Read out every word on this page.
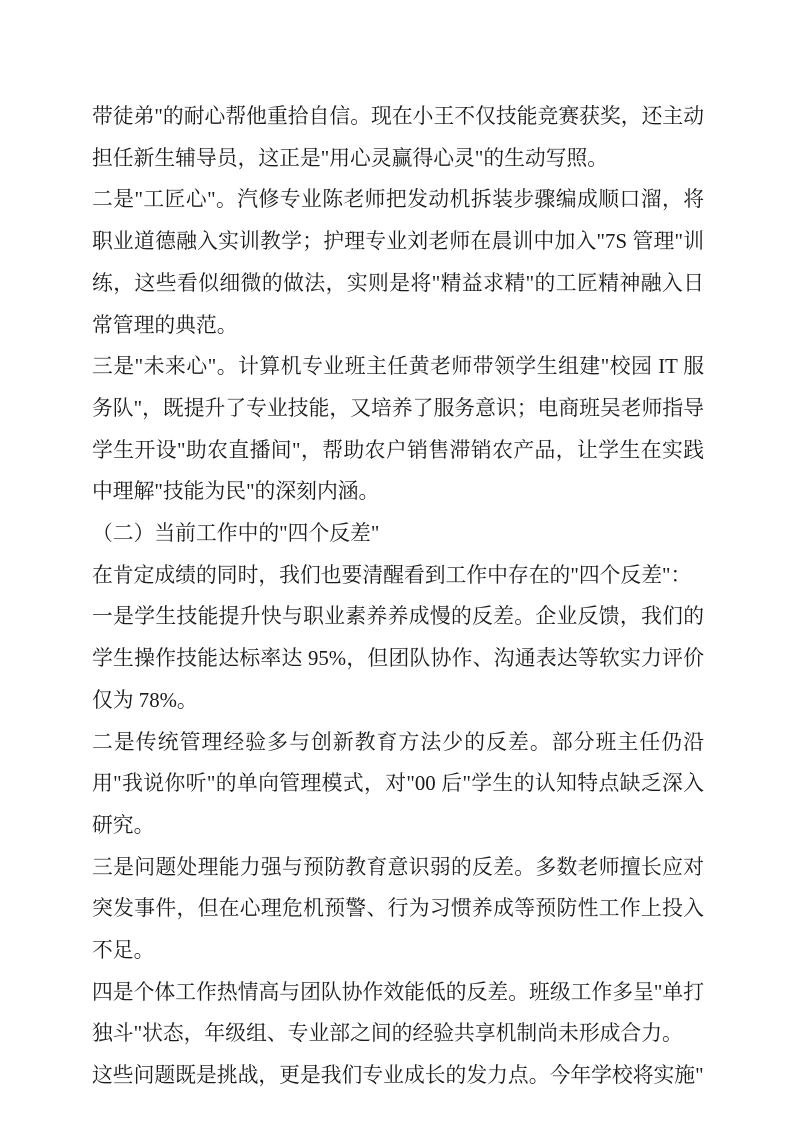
带徒弟"的耐心帮他重拾自信。现在小王不仅技能竞赛获奖，还主动担任新生辅导员，这正是"用心灵赢得心灵"的生动写照。

二是"工匠心"。汽修专业陈老师把发动机拆装步骤编成顺口溜，将职业道德融入实训教学；护理专业刘老师在晨训中加入"7S 管理"训练，这些看似细微的做法，实则是将"精益求精"的工匠精神融入日常管理的典范。

三是"未来心"。计算机专业班主任黄老师带领学生组建"校园 IT 服务队"，既提升了专业技能，又培养了服务意识；电商班吴老师指导学生开设"助农直播间"，帮助农户销售滞销农产品，让学生在实践中理解"技能为民"的深刻内涵。

（二）当前工作中的"四个反差"

在肯定成绩的同时，我们也要清醒看到工作中存在的"四个反差"：

一是学生技能提升快与职业素养养成慢的反差。企业反馈，我们的学生操作技能达标率达 95%，但团队协作、沟通表达等软实力评价仅为 78%。

二是传统管理经验多与创新教育方法少的反差。部分班主任仍沿用"我说你听"的单向管理模式，对"00 后"学生的认知特点缺乏深入研究。

三是问题处理能力强与预防教育意识弱的反差。多数老师擅长应对突发事件，但在心理危机预警、行为习惯养成等预防性工作上投入不足。

四是个体工作热情高与团队协作效能低的反差。班级工作多呈"单打独斗"状态，年级组、专业部之间的经验共享机制尚未形成合力。

这些问题既是挑战，更是我们专业成长的发力点。今年学校将实施"
